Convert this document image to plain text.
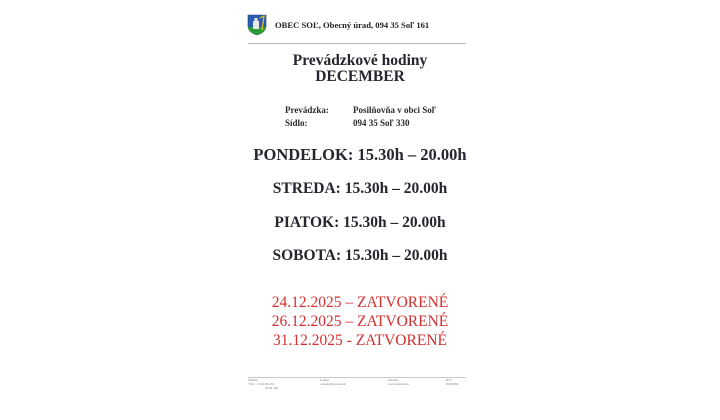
OBEC SOĽ, Obecný úrad, 094 35 Soľ 161
Prevádzkové hodiny
DECEMBER
Prevádzka:	Posilňovňa v obci Soľ
Sídlo:	094 35 Soľ 330
PONDELOK: 15.30h – 20.00h
STREDA: 15.30h – 20.00h
PIATOK: 15.30h – 20.00h
SOBOTA: 15.30h – 20.00h
24.12.2025 – ZATVORENÉ
26.12.2025 – ZATVORENÉ
31.12.2025 - ZATVORENÉ
Telefón
+421 - 57/44 96 433
44 96 329
E-mail
ocusol@slovanet.sk
Internet
www.obecsol.sk
IČO
00332861
